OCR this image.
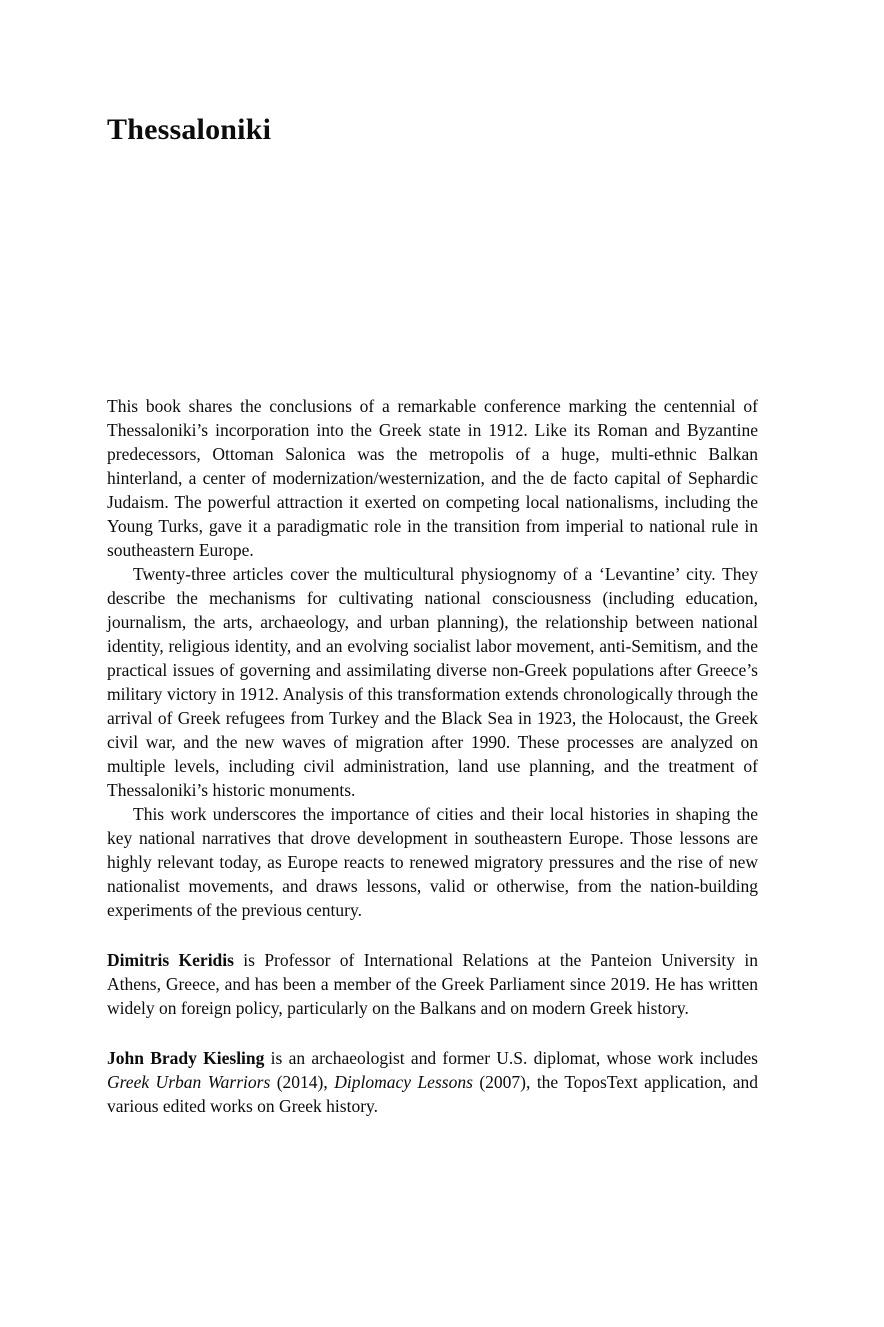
Thessaloniki

This book shares the conclusions of a remarkable conference marking the centennial of Thessaloniki’s incorporation into the Greek state in 1912. Like its Roman and Byzantine predecessors, Ottoman Salonica was the metropolis of a huge, multi-ethnic Balkan hinterland, a center of modernization/westernization, and the de facto capital of Sephardic Judaism. The powerful attraction it exerted on competing local nationalisms, including the Young Turks, gave it a paradigmatic role in the transition from imperial to national rule in southeastern Europe.

Twenty-three articles cover the multicultural physiognomy of a ‘Levantine’ city. They describe the mechanisms for cultivating national consciousness (including education, journalism, the arts, archaeology, and urban planning), the relationship between national identity, religious identity, and an evolving socialist labor movement, anti-Semitism, and the practical issues of governing and assimilating diverse non-Greek populations after Greece’s military victory in 1912. Analysis of this transformation extends chronologically through the arrival of Greek refugees from Turkey and the Black Sea in 1923, the Holocaust, the Greek civil war, and the new waves of migration after 1990. These processes are analyzed on multiple levels, including civil administration, land use planning, and the treatment of Thessaloniki’s historic monuments.

This work underscores the importance of cities and their local histories in shaping the key national narratives that drove development in southeastern Europe. Those lessons are highly relevant today, as Europe reacts to renewed migratory pressures and the rise of new nationalist movements, and draws lessons, valid or otherwise, from the nation-building experiments of the previous century.

Dimitris Keridis is Professor of International Relations at the Panteion University in Athens, Greece, and has been a member of the Greek Parliament since 2019. He has written widely on foreign policy, particularly on the Balkans and on modern Greek history.

John Brady Kiesling is an archaeologist and former U.S. diplomat, whose work includes Greek Urban Warriors (2014), Diplomacy Lessons (2007), the ToposText application, and various edited works on Greek history.
